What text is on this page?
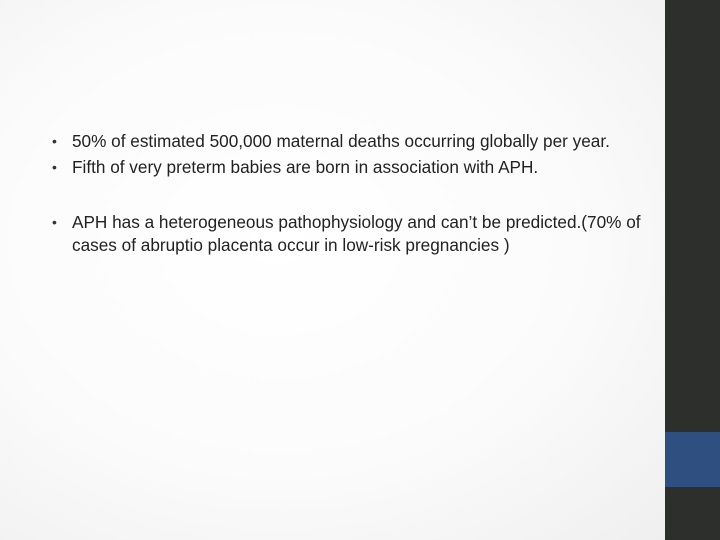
• 50% of estimated 500,000 maternal deaths occurring globally per year.
• Fifth of very preterm babies are born in association with APH.
• APH has a heterogeneous pathophysiology and can’t be predicted.(70% of cases of abruptio placenta occur in low-risk pregnancies )
